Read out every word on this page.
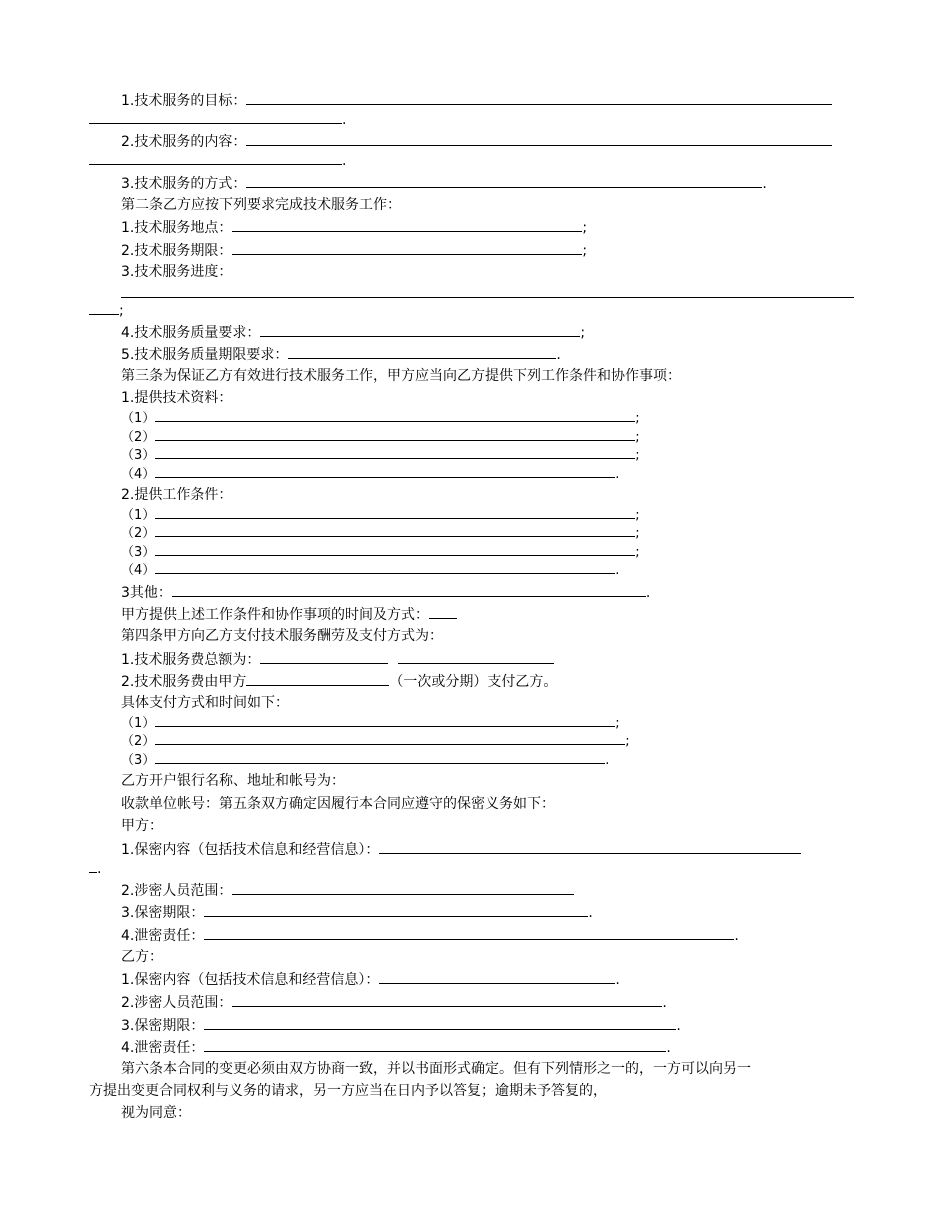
1.技术服务的目标：
.
2.技术服务的内容：
.
3.技术服务的方式：	.
第二条乙方应按下列要求完成技术服务工作：
1.技术服务地点：	;
2.技术服务期限：	;
3.技术服务进度：
;
4.技术服务质量要求：	;
5.技术服务质量期限要求：	.
第三条为保证乙方有效进行技术服务工作，甲方应当向乙方提供下列工作条件和协作事项：
1.提供技术资料：
（1）	;
（2）	;
（3）	;
（4）	.
2.提供工作条件：
（1）	;
（2）	;
（3）	;
（4）	.
3其他：	.
甲方提供上述工作条件和协作事项的时间及方式：
第四条甲方向乙方支付技术服务酬劳及支付方式为：
1.技术服务费总额为：
2.技术服务费由甲方	（一次或分期）支付乙方。
具体支付方式和时间如下：
（1）	;
（2）	;
（3）	.
乙方开户银行名称、地址和帐号为：
收款单位帐号：第五条双方确定因履行本合同应遵守的保密义务如下：
甲方：
1.保密内容（包括技术信息和经营信息）：
.
2.涉密人员范围：
3.保密期限：	.
4.泄密责任：	.
乙方：
1.保密内容（包括技术信息和经营信息）：	.
2.涉密人员范围：	.
3.保密期限：	.
4.泄密责任：	.
第六条本合同的变更必须由双方协商一致，并以书面形式确定。但有下列情形之一的，一方可以向另一
方提出变更合同权利与义务的请求，另一方应当在日内予以答复；逾期未予答复的，
视为同意：
